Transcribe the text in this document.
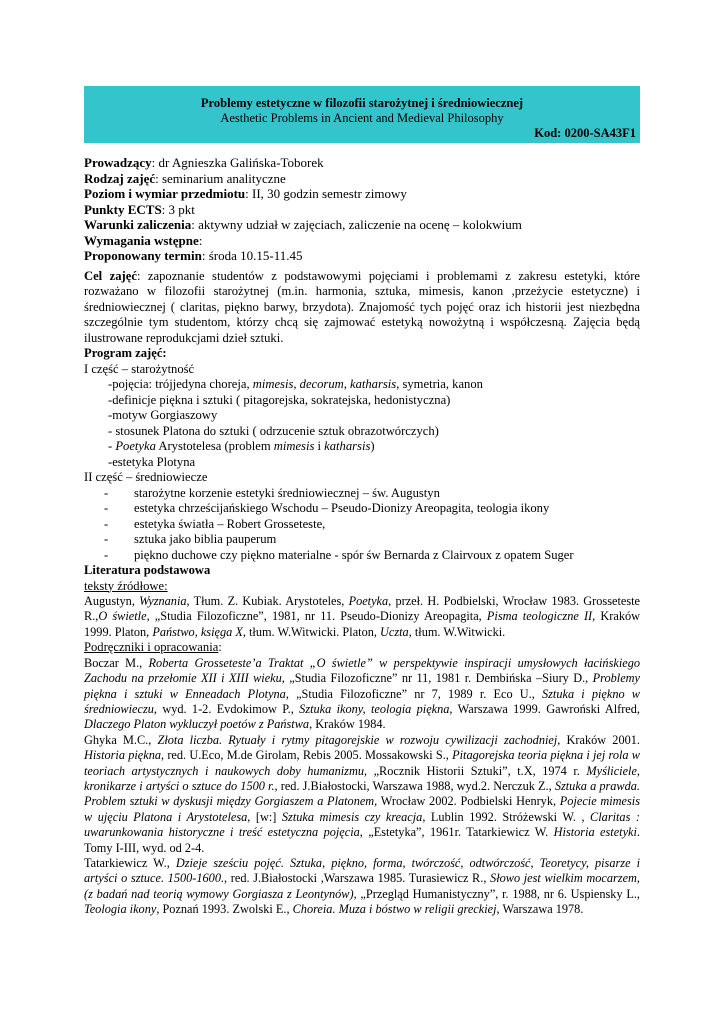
Problemy estetyczne w filozofii starożytnej i średniowiecznej
Aesthetic Problems in Ancient and Medieval Philosophy
Kod: 0200-SA43F1
Prowadzący: dr Agnieszka Galińska-Toborek
Rodzaj zajęć: seminarium analityczne
Poziom i wymiar przedmiotu: II, 30 godzin semestr zimowy
Punkty ECTS: 3 pkt
Warunki zaliczenia: aktywny udział w zajęciach, zaliczenie na ocenę – kolokwium
Wymagania wstępne:
Proponowany termin: środa 10.15-11.45
Cel zajęć: zapoznanie studentów z podstawowymi pojęciami i problemami z zakresu estetyki, które rozważano w filozofii starożytnej (m.in. harmonia, sztuka, mimesis, kanon ,przeżycie estetyczne) i średniowiecznej ( claritas, piękno barwy, brzydota). Znajomość tych pojęć oraz ich historii jest niezbędna szczególnie tym studentom, którzy chcą się zajmować estetyką nowożytną i współczesną. Zajęcia będą ilustrowane reprodukcjami dzieł sztuki.
Program zajęć:
I część – starożytność
-pojęcia: trójjedyna choreja, mimesis, decorum, katharsis, symetria, kanon
-definicje piękna i sztuki ( pitagorejska, sokratejska, hedonistyczna)
-motyw Gorgiaszowy
- stosunek Platona do sztuki ( odrzucenie sztuk obrazotwórczych)
- Poetyka Arystotelesa (problem mimesis i katharsis)
-estetyka Plotyna
II część – średniowiecze
- starożytne korzenie estetyki średniowiecznej – św. Augustyn
- estetyka chrześcijańskiego Wschodu – Pseudo-Dionizy Areopagita, teologia ikony
- estetyka światła – Robert Grosseteste,
- sztuka jako biblia pauperum
- piękno duchowe czy piękno materialne - spór św Bernarda z Clairvoux z opatem Suger
Literatura podstawowa
teksty źródłowe:
Augustyn, Wyznania, Tłum. Z. Kubiak. Arystoteles, Poetyka, przeł. H. Podbielski, Wrocław 1983. Grosseteste R.,O świetle, „Studia Filozoficzne”, 1981, nr 11. Pseudo-Dionizy Areopagita, Pisma teologiczne II, Kraków 1999. Platon, Państwo, księga X, tłum. W.Witwicki. Platon, Uczta, tłum. W.Witwicki.
Podręczniki i opracowania:
Boczar M., Roberta Grosseteste’a Traktat „O świetle” w perspektywie inspiracji umysłowych łacińskiego Zachodu na przełomie XII i XIII wieku, „Studia Filozoficzne” nr 11, 1981 r. Dembińska –Siury D., Problemy piękna i sztuki w Enneadach Plotyna, „Studia Filozoficzne” nr 7, 1989 r. Eco U., Sztuka i piękno w średniowieczu, wyd. 1-2. Evdokimow P., Sztuka ikony, teologia piękna, Warszawa 1999. Gawroński Alfred, Dlaczego Platon wykluczył poetów z Państwa, Kraków 1984.
Ghyka M.C., Złota liczba. Rytuały i rytmy pitagorejskie w rozwoju cywilizacji zachodniej, Kraków 2001. Historia piękna, red. U.Eco, M.de Girolam, Rebis 2005. Mossakowski S., Pitagorejska teoria piękna i jej rola w teoriach artystycznych i naukowych doby humanizmu, „Rocznik Historii Sztuki”, t.X, 1974 r. Myśliciele, kronikarze i artyści o sztuce do 1500 r., red. J.Białostocki, Warszawa 1988, wyd.2. Nerczuk Z., Sztuka a prawda. Problem sztuki w dyskusji między Gorgiaszem a Platonem, Wrocław 2002. Podbielski Henryk, Pojecie mimesis w ujęciu Platona i Arystotelesa, [w:] Sztuka mimesis czy kreacja, Lublin 1992. Stróżewski W. , Claritas : uwarunkowania historyczne i treść estetyczna pojęcia, „Estetyka”, 1961r. Tatarkiewicz W. Historia estetyki. Tomy I-III, wyd. od 2-4.
Tatarkiewicz W., Dzieje sześciu pojęć. Sztuka, piękno, forma, twórczość, odtwórczość, Teoretycy, pisarze i artyści o sztuce. 1500-1600., red. J.Białostocki ,Warszawa 1985. Turasiewicz R., Słowo jest wielkim mocarzem, (z badań nad teorią wymowy Gorgiasza z Leontynów), „Przegląd Humanistyczny”, r. 1988, nr 6. Uspiensky L., Teologia ikony, Poznań 1993. Zwolski E., Choreia. Muza i bóstwo w religii greckiej, Warszawa 1978.
